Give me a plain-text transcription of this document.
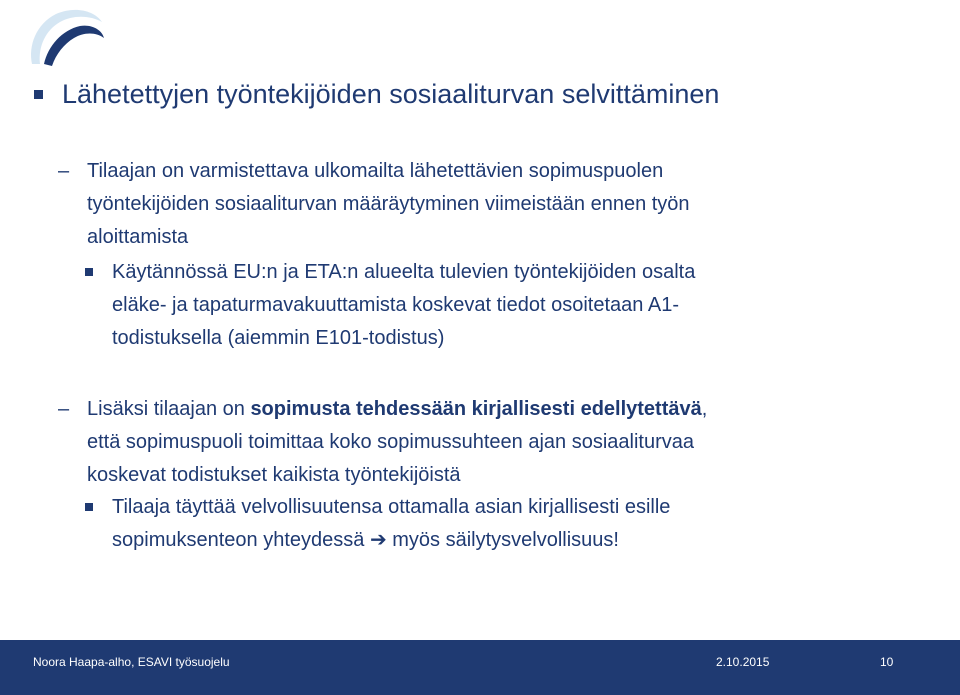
Lähetettyjen työntekijöiden sosiaaliturvan selvittäminen
– Tilaajan on varmistettava ulkomailta lähetettävien sopimuspuolen
työntekijöiden sosiaaliturvan määräytyminen viimeistään ennen työn
aloittamista
Käytännössä EU:n ja ETA:n alueelta tulevien työntekijöiden osalta
eläke- ja tapaturmavakuuttamista koskevat tiedot osoitetaan A1-
todistuksella (aiemmin E101-todistus)
– Lisäksi tilaajan on sopimusta tehdessään kirjallisesti edellytettävä,
että sopimuspuoli toimittaa koko sopimussuhteen ajan sosiaaliturvaa
koskevat todistukset kaikista työntekijöistä
Tilaaja täyttää velvollisuutensa ottamalla asian kirjallisesti esille
sopimuksenteon yhteydessä ➔ myös säilytysvelvollisuus!
Noora Haapa-alho, ESAVI työsuojelu	2.10.2015	10
